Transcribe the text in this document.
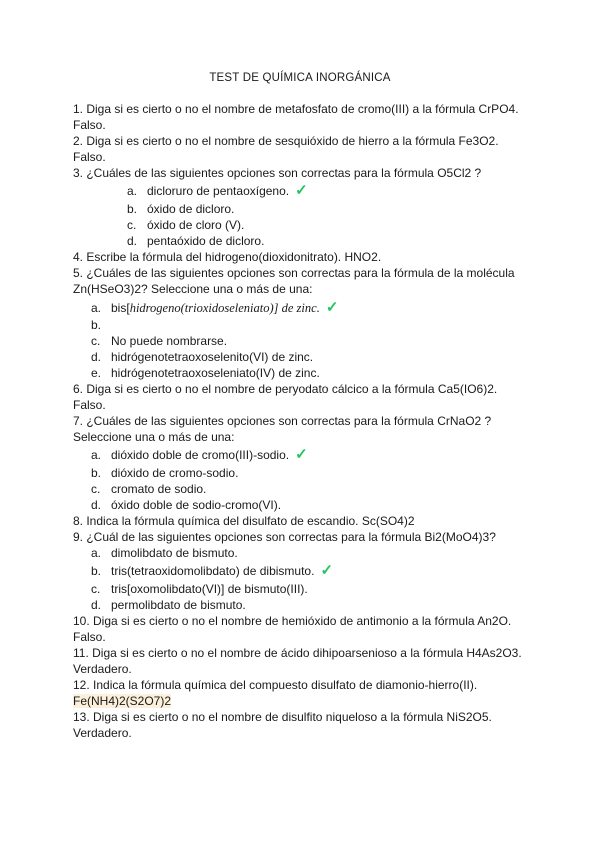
TEST DE QUÍMICA INORGÁNICA
1. Diga si es cierto o no el nombre de metafosfato de cromo(III) a la fórmula CrPO4.
Falso.
2. Diga si es cierto o no el nombre de sesquióxido de hierro a la fórmula Fe3O2.
Falso.
3. ¿Cuáles de las siguientes opciones son correctas para la fórmula O5Cl2 ?
a. dicloruro de pentaoxígeno. ✓
b. óxido de dicloro.
c. óxido de cloro (V).
d. pentaóxido de dicloro.
4. Escribe la fórmula del hidrogeno(dioxidonitrato). HNO2.
5. ¿Cuáles de las siguientes opciones son correctas para la fórmula de la molécula
Zn(HSeO3)2? Seleccione una o más de una:
a. bis[hidrogeno(trioxidoseleniato)] de zinc. ✓
b.
c. No puede nombrarse.
d. hidrógenotetraoxoselenito(VI) de zinc.
e. hidrógenotetraoxoseleniato(IV) de zinc.
6. Diga si es cierto o no el nombre de peryodato cálcico a la fórmula Ca5(IO6)2.
Falso.
7. ¿Cuáles de las siguientes opciones son correctas para la fórmula CrNaO2 ?
Seleccione una o más de una:
a. dióxido doble de cromo(III)-sodio. ✓
b. dióxido de cromo-sodio.
c. cromato de sodio.
d. óxido doble de sodio-cromo(VI).
8. Indica la fórmula química del disulfato de escandio. Sc(SO4)2
9. ¿Cuál de las siguientes opciones son correctas para la fórmula Bi2(MoO4)3?
a. dimolibdato de bismuto.
b. tris(tetraoxidomolibdato) de dibismuto. ✓
c. tris[oxomolibdato(VI)] de bismuto(III).
d. permolibdato de bismuto.
10. Diga si es cierto o no el nombre de hemióxido de antimonio a la fórmula An2O.
Falso.
11. Diga si es cierto o no el nombre de ácido dihipoarsenioso a la fórmula H4As2O3.
Verdadero.
12. Indica la fórmula química del compuesto disulfato de diamonio-hierro(II).
Fe(NH4)2(S2O7)2
13. Diga si es cierto o no el nombre de disulfito niqueloso a la fórmula NiS2O5.
Verdadero.
